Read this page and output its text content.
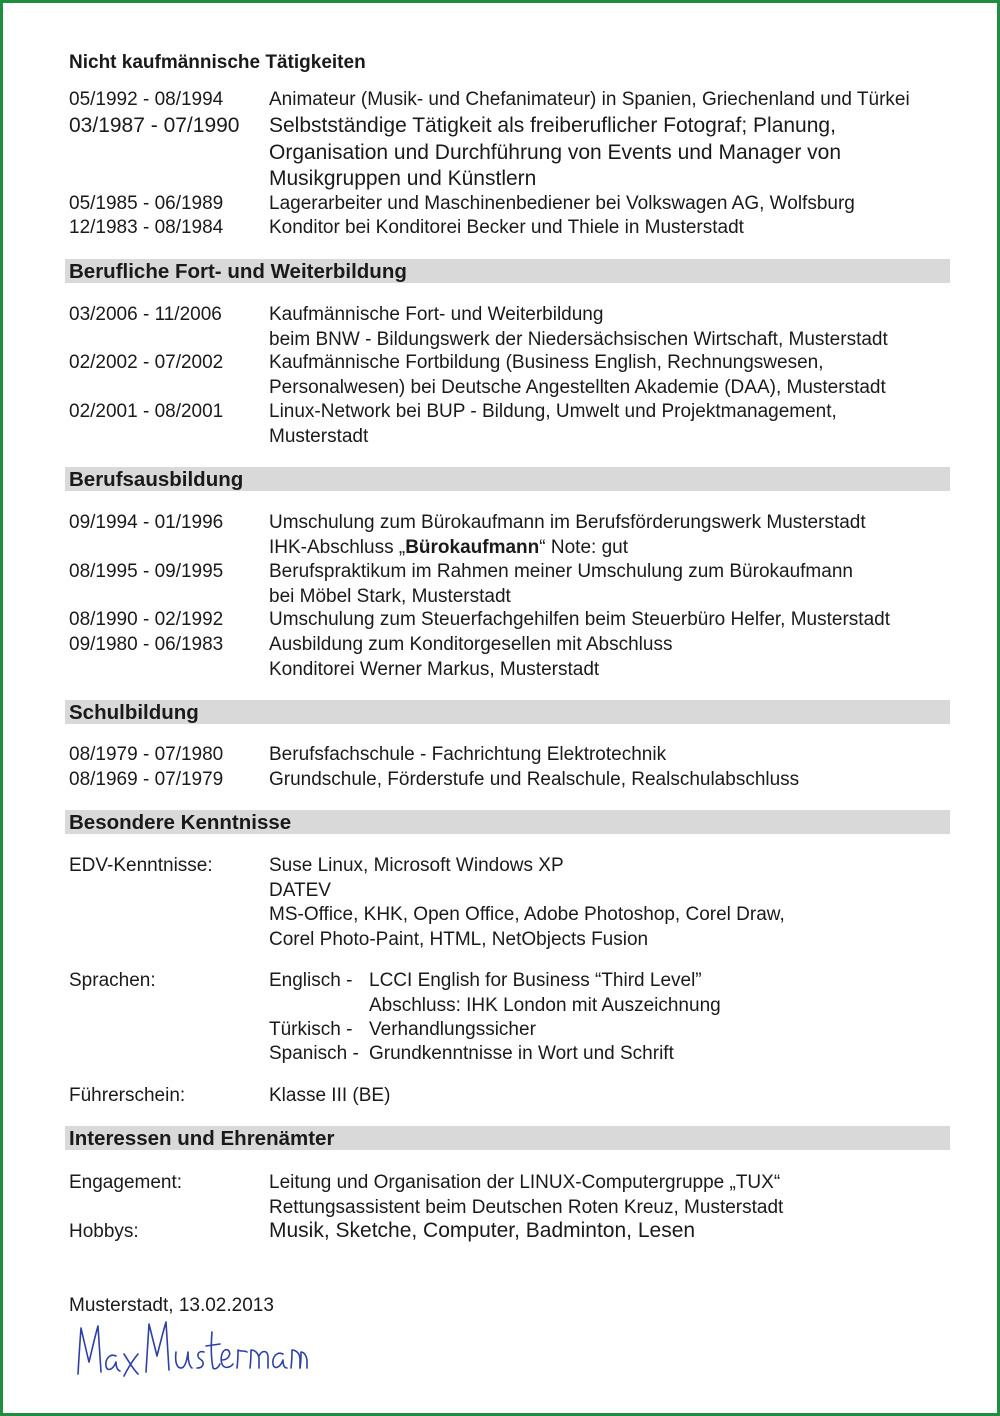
Nicht kaufmännische Tätigkeiten
05/1992 - 08/1994 Animateur (Musik- und Chefanimateur) in Spanien, Griechenland und Türkei
03/1987 - 07/1990 Selbstständige Tätigkeit als freiberuflicher Fotograf; Planung,
Organisation und Durchführung von Events und Manager von
Musikgruppen und Künstlern
05/1985 - 06/1989 Lagerarbeiter und Maschinenbediener bei Volkswagen AG, Wolfsburg
12/1983 - 08/1984 Konditor bei Konditorei Becker und Thiele in Musterstadt
Berufliche Fort- und Weiterbildung
03/2006 - 11/2006 Kaufmännische Fort- und Weiterbildung
beim BNW - Bildungswerk der Niedersächsischen Wirtschaft, Musterstadt
02/2002 - 07/2002 Kaufmännische Fortbildung (Business English, Rechnungswesen,
Personalwesen) bei Deutsche Angestellten Akademie (DAA), Musterstadt
02/2001 - 08/2001 Linux-Network bei BUP - Bildung, Umwelt und Projektmanagement,
Musterstadt
Berufsausbildung
09/1994 - 01/1996 Umschulung zum Bürokaufmann im Berufsförderungswerk Musterstadt
IHK-Abschluss „Bürokaufmann“ Note: gut
08/1995 - 09/1995 Berufspraktikum im Rahmen meiner Umschulung zum Bürokaufmann
bei Möbel Stark, Musterstadt
08/1990 - 02/1992 Umschulung zum Steuerfachgehilfen beim Steuerbüro Helfer, Musterstadt
09/1980 - 06/1983 Ausbildung zum Konditorgesellen mit Abschluss
Konditorei Werner Markus, Musterstadt
Schulbildung
08/1979 - 07/1980 Berufsfachschule - Fachrichtung Elektrotechnik
08/1969 - 07/1979 Grundschule, Förderstufe und Realschule, Realschulabschluss
Besondere Kenntnisse
EDV-Kenntnisse:	Suse Linux, Microsoft Windows XP
DATEV
MS-Office, KHK, Open Office, Adobe Photoshop, Corel Draw,
Corel Photo-Paint, HTML, NetObjects Fusion
Sprachen:	Englisch - LCCI English for Business “Third Level”
Abschluss: IHK London mit Auszeichnung
Türkisch - Verhandlungssicher
Spanisch - Grundkenntnisse in Wort und Schrift
Führerschein:	Klasse III (BE)
Interessen und Ehrenämter
Engagement:	Leitung und Organisation der LINUX-Computergruppe „TUX“
Rettungsassistent beim Deutschen Roten Kreuz, Musterstadt
Hobbys:	Musik, Sketche, Computer, Badminton, Lesen
Musterstadt, 13.02.2013
